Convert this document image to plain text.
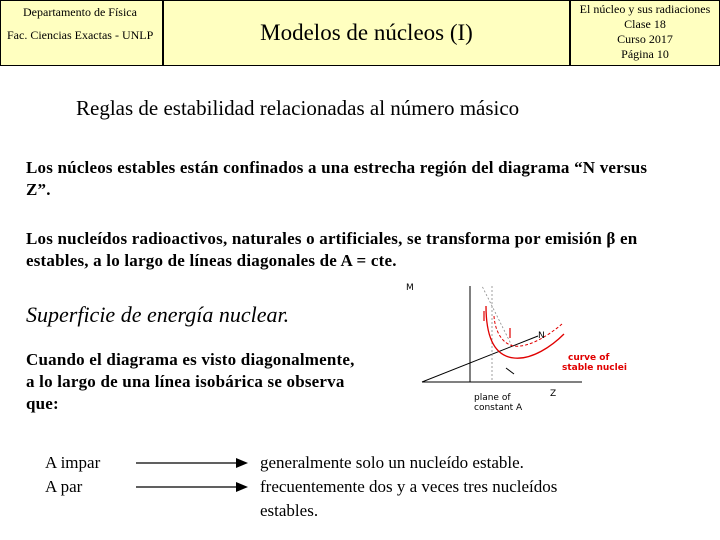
Departamento de Física
Fac. Ciencias Exactas - UNLP	Modelos de núcleos (I)
El núcleo y sus radiaciones
Clase 18
Curso 2017
Página 10
Reglas de estabilidad relacionadas al número másico
Los núcleos estables están confinados a una estrecha región del diagrama “N versus Z”.
Los nucleídos radioactivos, naturales o artificiales, se transforma por emisión β en estables, a lo largo de líneas diagonales de A = cte.
Superficie de energía nuclear.
Cuando el diagrama es visto diagonalmente, a lo largo de una línea isobárica se observa que:
A impar
A par
generalmente solo un nucleído estable.
frecuentemente dos y a veces tres nucleídos
estables.
M
N
Z
curve of
stable nuclei
plane of
constant A
